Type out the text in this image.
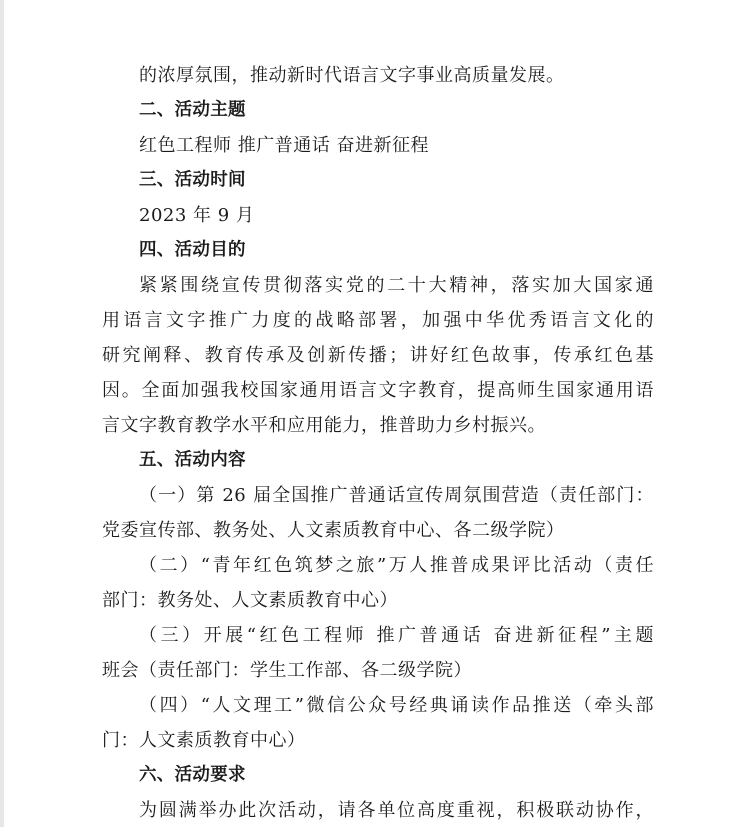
的浓厚氛围，推动新时代语言文字事业高质量发展。
二、活动主题
红色工程师 推广普通话 奋进新征程
三、活动时间
2023 年 9 月
四、活动目的
紧紧围绕宣传贯彻落实党的二十大精神，落实加大国家通
用语言文字推广力度的战略部署，加强中华优秀语言文化的
研究阐释、教育传承及创新传播；讲好红色故事，传承红色基
因。全面加强我校国家通用语言文字教育，提高师生国家通用语
言文字教育教学水平和应用能力，推普助力乡村振兴。
五、活动内容
（一）第 26 届全国推广普通话宣传周氛围营造（责任部门：
党委宣传部、教务处、人文素质教育中心、各二级学院）
（二）“青年红色筑梦之旅”万人推普成果评比活动（责任
部门：教务处、人文素质教育中心）
（三）开展“红色工程师 推广普通话 奋进新征程”主题
班会（责任部门：学生工作部、各二级学院）
（四）“人文理工”微信公众号经典诵读作品推送（牵头部
门：人文素质教育中心）
六、活动要求
为圆满举办此次活动，请各单位高度重视，积极联动协作，
